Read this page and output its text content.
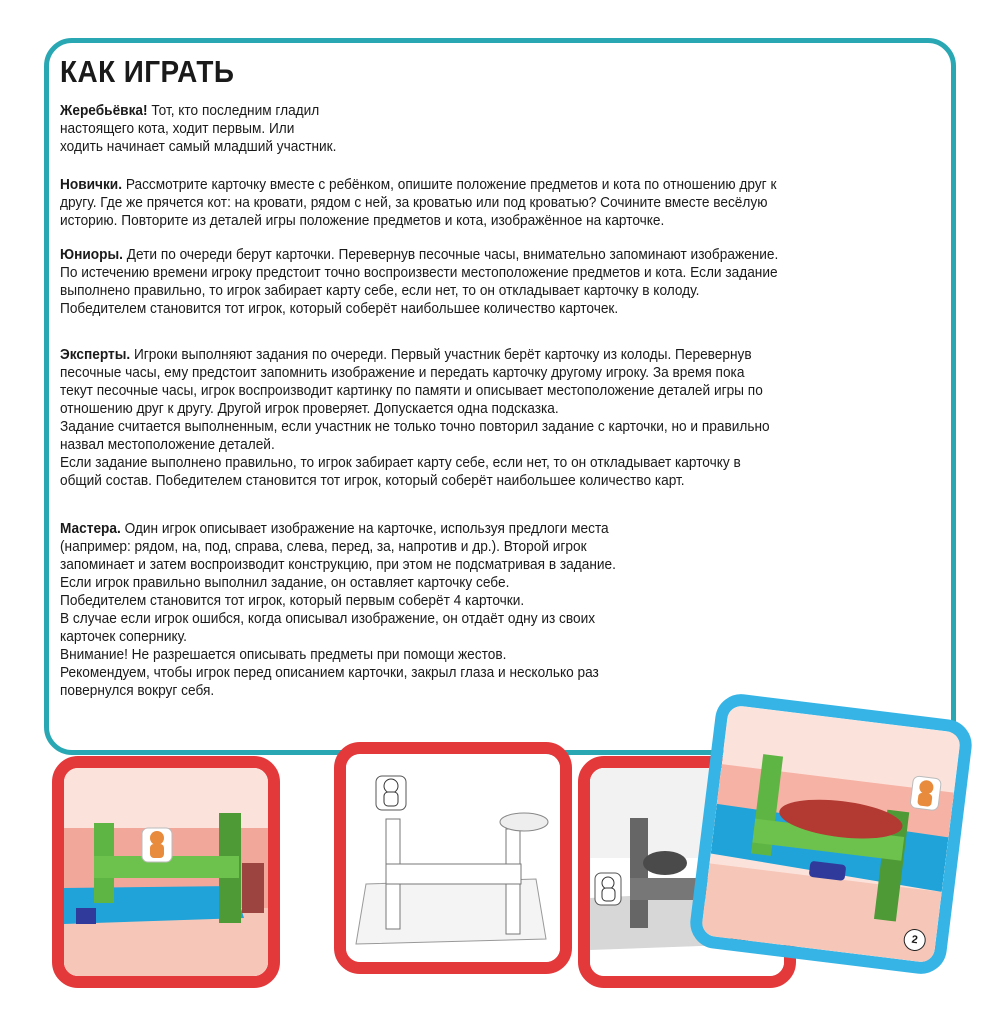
КАК ИГРАТЬ

Жеребьёвка! Тот, кто последним гладил
настоящего кота, ходит первым. Или
ходить начинает самый младший участник.

Новички. Рассмотрите карточку вместе с ребёнком, опишите положение предметов и кота по отношению друг к
другу. Где же прячется кот: на кровати, рядом с ней, за кроватью или под кроватью? Сочините вместе весёлую
историю. Повторите из деталей игры положение предметов и кота, изображённое на карточке.

Юниоры. Дети по очереди берут карточки. Перевернув песочные часы, внимательно запоминают изображение.
По истечению времени игроку предстоит точно воспроизвести местоположение предметов и кота. Если задание
выполнено правильно, то игрок забирает карту себе, если нет, то он откладывает карточку в колоду.
Победителем становится тот игрок, который соберёт наибольшее количество карточек.

Эксперты. Игроки выполняют задания по очереди. Первый участник берёт карточку из колоды. Перевернув
песочные часы, ему предстоит запомнить изображение и передать карточку другому игроку. За время пока
текут песочные часы, игрок воспроизводит картинку по памяти и описывает местоположение деталей игры по
отношению друг к другу. Другой игрок проверяет. Допускается одна подсказка.
Задание считается выполненным, если участник не только точно повторил задание с карточки, но и правильно
назвал местоположение деталей.
Если задание выполнено правильно, то игрок забирает карту себе, если нет, то он откладывает карточку в
общий состав. Победителем становится тот игрок, который соберёт наибольшее количество карт.

Мастера. Один игрок описывает изображение на карточке, используя предлоги места
(например: рядом, на, под, справа, слева, перед, за, напротив и др.). Второй игрок
запоминает и затем воспроизводит конструкцию, при этом не подсматривая в задание.
Если игрок правильно выполнил задание, он оставляет карточку себе.
Победителем становится тот игрок, который первым соберёт 4 карточки.
В случае если игрок ошибся, когда описывал изображение, он отдаёт одну из своих
карточек сопернику.
Внимание! Не разрешается описывать предметы при помощи жестов.
Рекомендуем, чтобы игрок перед описанием карточки, закрыл глаза и несколько раз
повернулся вокруг себя.

2
